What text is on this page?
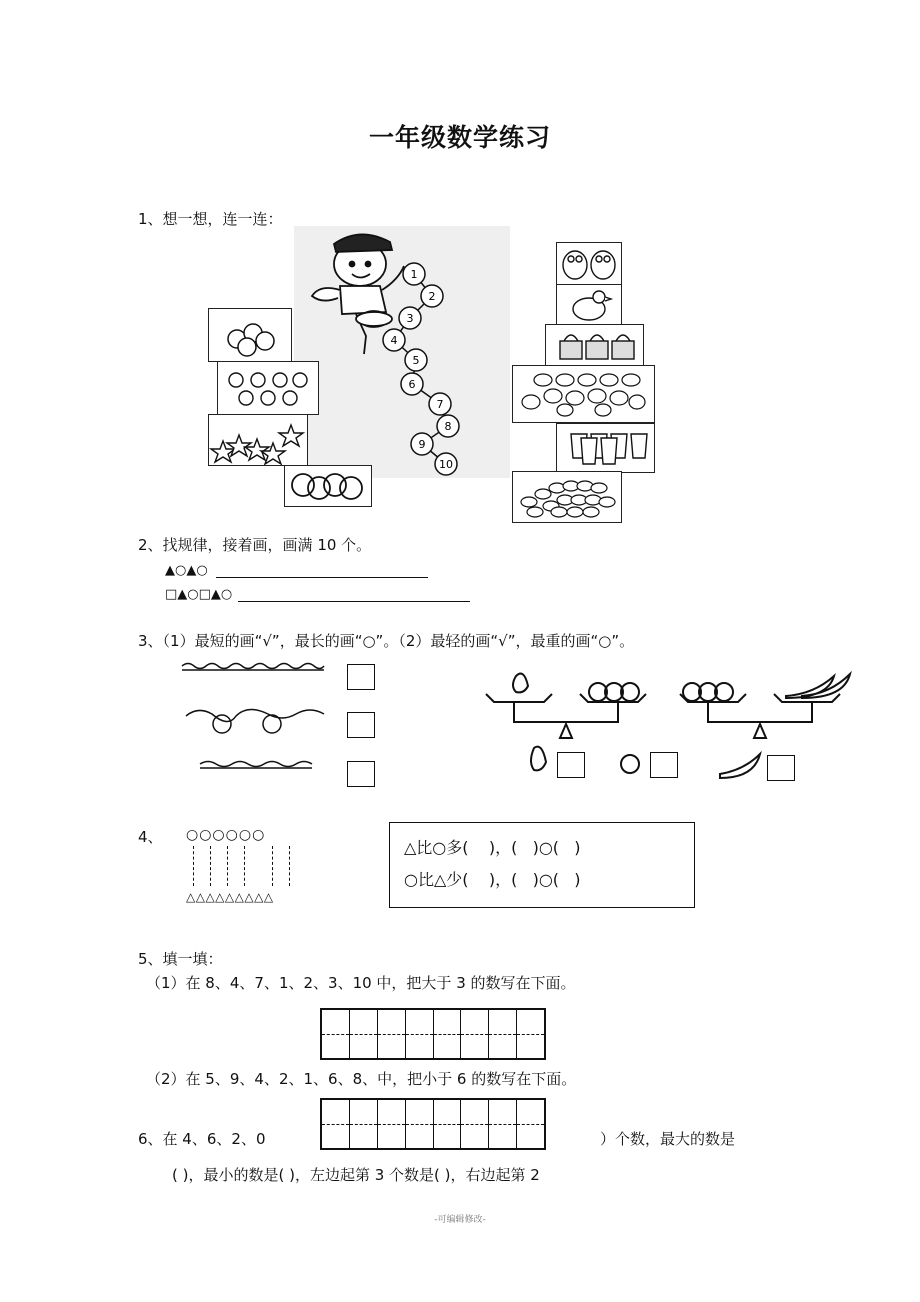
一年级数学练习
1、想一想，连一连：
1
2
3
4
5
6
7
8
9
10
2、找规律，接着画，画满 10 个。
▲○▲○
□▲○□▲○
3、（1）最短的画“√”，最长的画“○”。（2）最轻的画“√”，最重的画“○”。
4、 ○○○○○○
△△△△△△△△△
△比○多(    )，(   )○(   )
○比△少(    )，(   )○(   )
5、填一填：
（1）在 8、4、7、1、2、3、10 中，把大于 3 的数写在下面。
（2）在 5、9、4、2、1、6、8、中，把小于 6 的数写在下面。
6、在 4、6、2、0	）个数，最大的数是
( )，最小的数是( )，左边起第 3 个数是( )，右边起第 2
-可编辑修改-
